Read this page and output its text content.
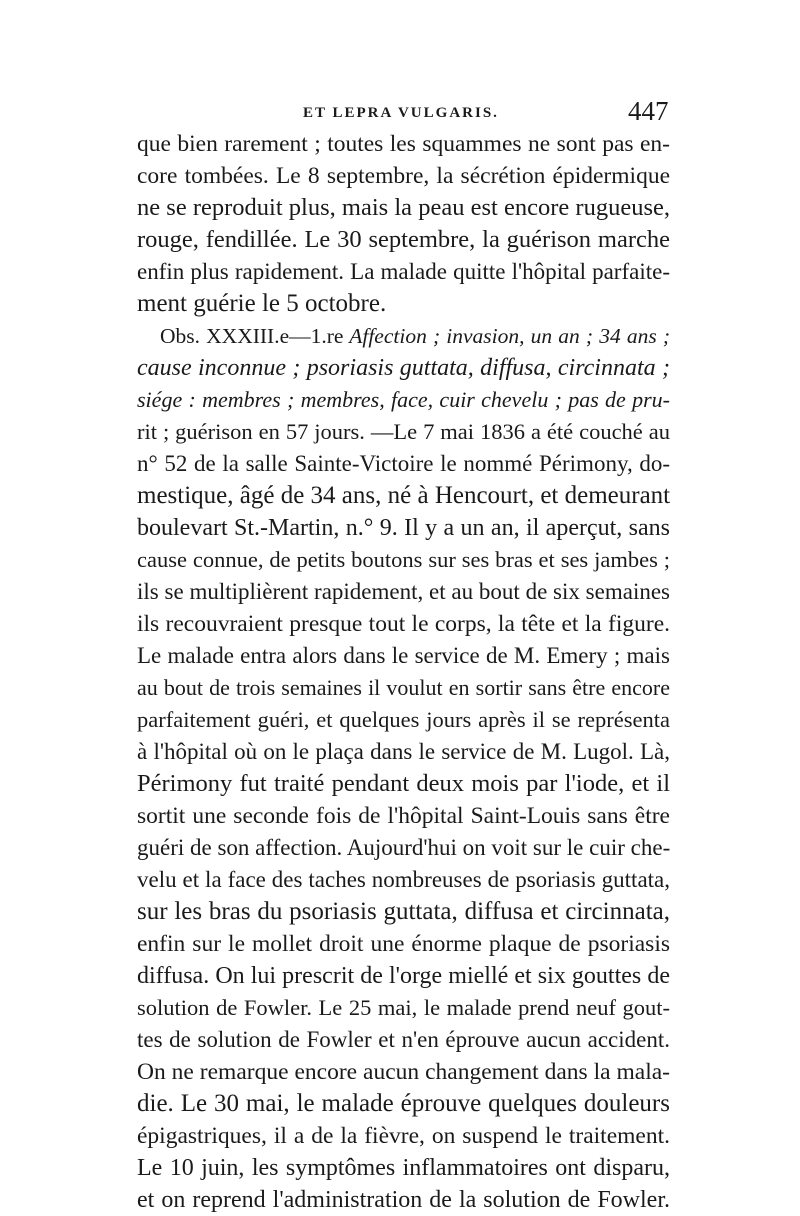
ET LEPRA VULGARIS.	447
que bien rarement ; toutes les squammes ne sont pas en-
core tombées. Le 8 septembre, la sécrétion épidermique
ne se reproduit plus, mais la peau est encore rugueuse,
rouge, fendillée. Le 30 septembre, la guérison marche
enfin plus rapidement. La malade quitte l'hôpital parfaite-
ment guérie le 5 octobre.
Obs. XXXIII.e—1.re Affection ; invasion, un an ; 34 ans ;
cause inconnue ; psoriasis guttata, diffusa, circinnata ;
siége : membres ; membres, face, cuir chevelu ; pas de pru-
rit ; guérison en 57 jours. —Le 7 mai 1836 a été couché au
n° 52 de la salle Sainte-Victoire le nommé Périmony, do-
mestique, âgé de 34 ans, né à Hencourt, et demeurant
boulevart St.-Martin, n.° 9. Il y a un an, il aperçut, sans
cause connue, de petits boutons sur ses bras et ses jambes ;
ils se multiplièrent rapidement, et au bout de six semaines
ils recouvraient presque tout le corps, la tête et la figure.
Le malade entra alors dans le service de M. Emery ; mais
au bout de trois semaines il voulut en sortir sans être encore
parfaitement guéri, et quelques jours après il se représenta
à l'hôpital où on le plaça dans le service de M. Lugol. Là,
Périmony fut traité pendant deux mois par l'iode, et il
sortit une seconde fois de l'hôpital Saint-Louis sans être
guéri de son affection. Aujourd'hui on voit sur le cuir che-
velu et la face des taches nombreuses de psoriasis guttata,
sur les bras du psoriasis guttata, diffusa et circinnata,
enfin sur le mollet droit une énorme plaque de psoriasis
diffusa. On lui prescrit de l'orge miellé et six gouttes de
solution de Fowler. Le 25 mai, le malade prend neuf gout-
tes de solution de Fowler et n'en éprouve aucun accident.
On ne remarque encore aucun changement dans la mala-
die. Le 30 mai, le malade éprouve quelques douleurs
épigastriques, il a de la fièvre, on suspend le traitement.
Le 10 juin, les symptômes inflammatoires ont disparu,
et on reprend l'administration de la solution de Fowler.
